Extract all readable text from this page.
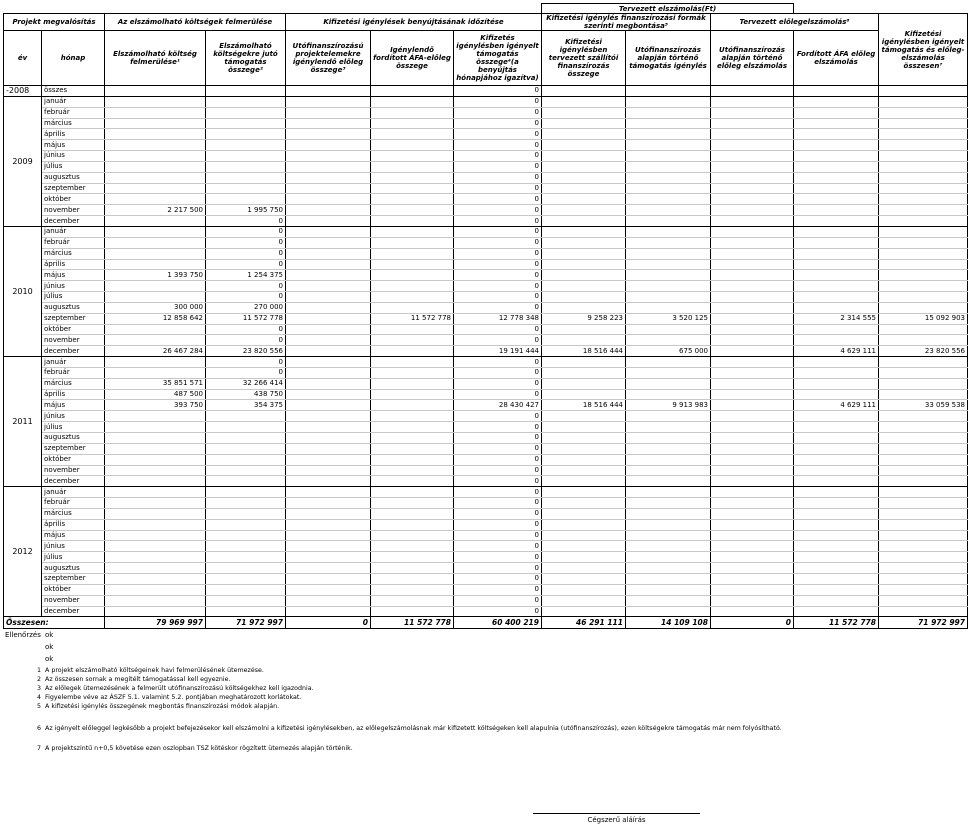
							Tervezett elszámolás(Ft)				
Projekt megvalósítás		Az elszámolható költségek felmerülése		Kifizetési igénylések benyújtásának időzítése			Kifizetési igénylés finanszírozási formák szerinti megbontása⁵		Tervezett előlegelszámolás⁶		Kifizetési igénylésben igényelt támogatás és előleg-elszámolás összesen⁷
év	hónap	Elszámolható költség felmerülése¹	Elszámolható költségekre jutó támogatás összege²	Utófinanszírozású projektelemekre igénylendő előleg összege³	Igénylendő fordított ÁFA-előleg összege	Kifizetés igénylésben igényelt támogatás összege⁴(a benyújtás hónapjához igazítva)	Kifizetési igénylésben tervezett szállítói finanszírozás összege	Utófinanszírozás alapján történő támogatás igénylés	Utófinanszírozás alapján történő előleg elszámolás	Fordított ÁFA előleg elszámolás	
-2008	összes					0					
2009	január					0					
	február					0					
	március					0					
	április					0					
	május					0					
	június					0					
	július					0					
	augusztus					0					
	szeptember					0					
	október					0					
	november	2 217 500	1 995 750			0					
	december		0			0					
2010	január		0			0					
	február		0			0					
	március		0			0					
	április		0			0					
	május	1 393 750	1 254 375			0					
	június		0			0					
	július		0			0					
	augusztus	300 000	270 000			0					
	szeptember	12 858 642	11 572 778		11 572 778	12 778 348	9 258 223	3 520 125		2 314 555	15 092 903
	október		0			0					
	november		0			0					
	december	26 467 284	23 820 556			19 191 444	18 516 444	675 000		4 629 111	23 820 556
2011	január		0			0					
	február		0			0					
	március	35 851 571	32 266 414			0					
	április	487 500	438 750			0					
	május	393 750	354 375			28 430 427	18 516 444	9 913 983		4 629 111	33 059 538
	június					0					
	július					0					
	augusztus					0					
	szeptember					0					
	október					0					
	november					0					
	december					0					
2012	január					0					
	február					0					
	március					0					
	április					0					
	május					0					
	június					0					
	július					0					
	augusztus					0					
	szeptember					0					
	október					0					
	november					0					
	december					0					
Összesen:		79 969 997	71 972 997	0	11 572 778	60 400 219	46 291 111	14 109 108	0	11 572 778	71 972 997
Ellenőrzés ok
ok
ok
1 A projekt elszámolható költségeinek havi felmerülésének ütemezése.
2 Az összesen sornak a megítélt támogatással kell egyeznie.
3 Az előlegek ütemezésének a felmerült utófinanszírozású költségekhez kell igazodnia.
4 Figyelembe véve az ÁSZF 5.1. valamint 5.2. pontjában meghatározott korlátokat.
5 A kifizetési igénylés összegének megbontás finanszírozási módok alapján.
6 Az igényelt előleggel legkésőbb a projekt befejezésekor kell elszámolni a kifizetési igénylésekben, az előlegelszámolásnak már kifizetett költségeken kell alapulnia (utófinanszírozás), ezen költségekre támogatás már nem folyósítható.
7 A projektszintű n+0,5 követése ezen oszlopban TSZ kötéskor rögzített ütemezés alapján történik.
Cégszerű aláírás
